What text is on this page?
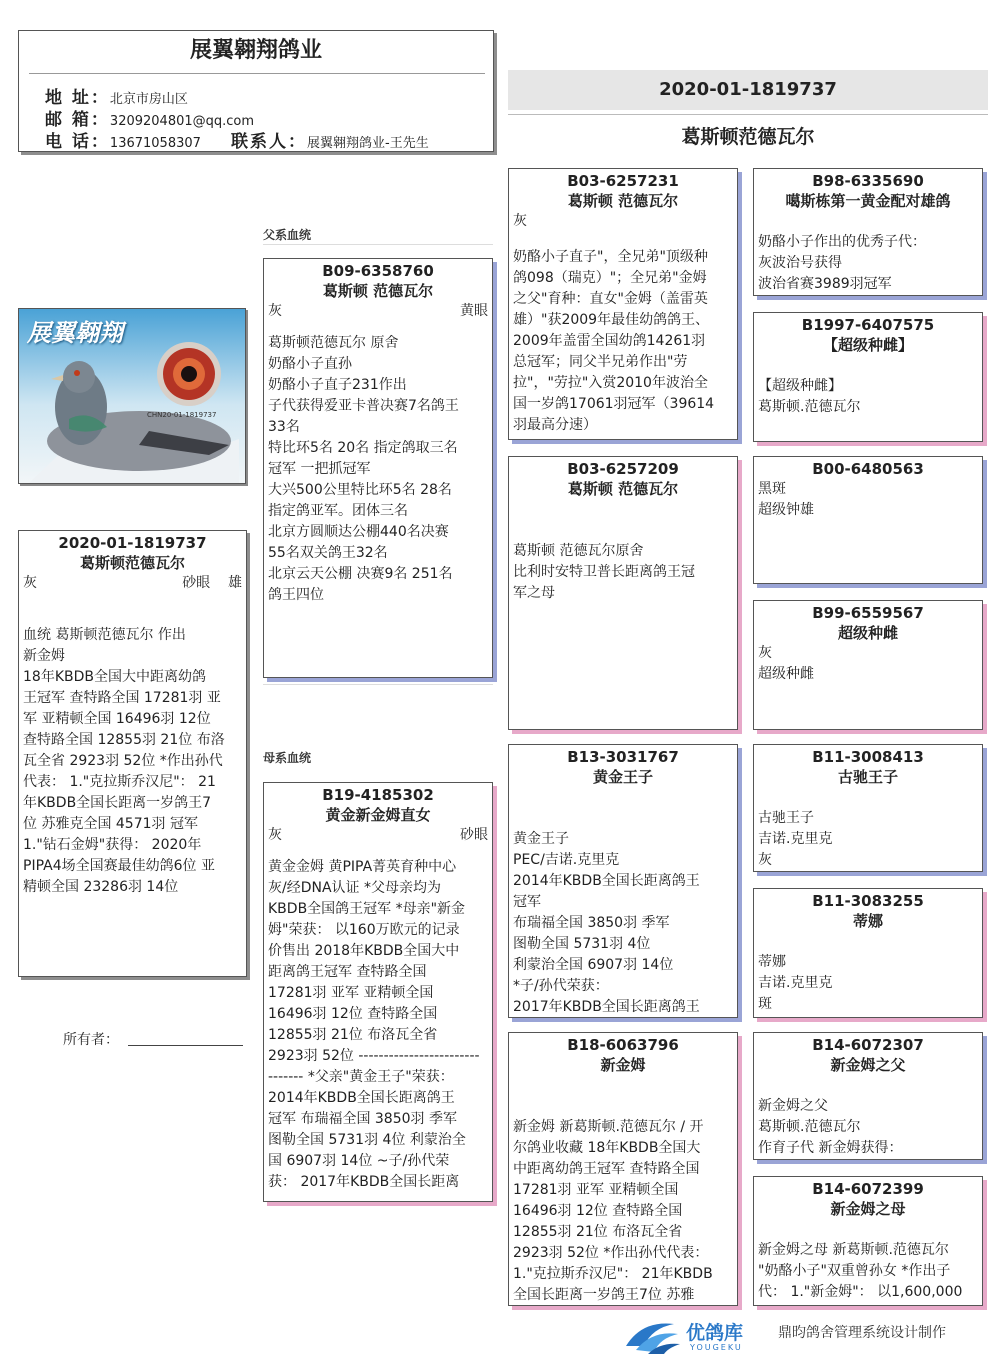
展翼翱翔鸽业
地 址：北京市房山区
邮 箱：3209204801@qq.com
电 话：13671058307 联系人：展翼翱翔鸽业-王先生
2020-01-1819737
葛斯顿范德瓦尔
展翼翱翔
CHN20-01-1819737
2020-01-1819737
葛斯顿范德瓦尔
灰	砂眼 雄
血统 葛斯顿范德瓦尔 作出
新金姆
18年KBDB全国大中距离幼鸽
王冠军 查特路全国 17281羽 亚
军 亚精顿全国 16496羽 12位
查特路全国 12855羽 21位 布洛
瓦全省 2923羽 52位 *作出孙代
代表： 1."克拉斯乔汉尼"： 21
年KBDB全国长距离一岁鸽王7
位 苏雅克全国 4571羽 冠军
1."钻石金姆"获得： 2020年
PIPA4场全国赛最佳幼鸽6位 亚
精顿全国 23286羽 14位
所有者：
父系血统
母系血统
B09-6358760
葛斯顿 范德瓦尔
灰	黄眼
葛斯顿范德瓦尔 原舍
奶酪小子直孙
奶酪小子直子231作出
子代获得爱亚卡普决赛7名鸽王
33名
特比环5名 20名 指定鸽取三名
冠军 一把抓冠军
大兴500公里特比环5名 28名
指定鸽亚军。团体三名
北京方圆顺达公棚440名决赛
55名双关鸽王32名
北京云天公棚 决赛9名 251名
鸽王四位
B19-4185302
黄金新金姆直女
灰	砂眼
黄金金姆 黄PIPA菁英育种中心
灰/经DNA认证 *父母亲均为
KBDB全国鸽王冠军 *母亲"新金
姆"荣获： 以160万欧元的记录
价售出 2018年KBDB全国大中
距离鸽王冠军 查特路全国
17281羽 亚军 亚精顿全国
16496羽 12位 查特路全国
12855羽 21位 布洛瓦全省
2923羽 52位 ------------------------
------- *父亲"黄金王子"荣获：
2014年KBDB全国长距离鸽王
冠军 布瑞福全国 3850羽 季军
图勒全国 5731羽 4位 利蒙治全
国 6907羽 14位 ~子/孙代荣
获： 2017年KBDB全国长距离
B03-6257231
葛斯顿 范德瓦尔
灰
奶酪小子直子"，全兄弟"顶级种
鸽098（瑞克）"；全兄弟"金姆
之父"育种：直女"金姆（盖雷英
雄）"获2009年最佳幼鸽鸽王、
2009年盖雷全国幼鸽14261羽
总冠军；同父半兄弟作出"劳
拉"，"劳拉"入赏2010年波治全
国一岁鸽17061羽冠军（39614
羽最高分速）
B03-6257209
葛斯顿 范德瓦尔
葛斯顿 范德瓦尔原舍
比利时安特卫普长距离鸽王冠
军之母
B13-3031767
黄金王子
黄金王子
PEC/吉诺.克里克
2014年KBDB全国长距离鸽王
冠军
布瑞福全国 3850羽 季军
图勒全国 5731羽 4位
利蒙治全国 6907羽 14位
*子/孙代荣获：
2017年KBDB全国长距离鸽王
B18-6063796
新金姆
新金姆 新葛斯顿.范德瓦尔 / 开
尔鸽业收藏 18年KBDB全国大
中距离幼鸽王冠军 查特路全国
17281羽 亚军 亚精顿全国
16496羽 12位 查特路全国
12855羽 21位 布洛瓦全省
2923羽 52位 *作出孙代代表：
1."克拉斯乔汉尼"： 21年KBDB
全国长距离一岁鸽王7位 苏雅
B98-6335690
噶斯栋第一黄金配对雄鸽

奶酪小子作出的优秀子代：
灰波治号获得
波治省赛3989羽冠军
B1997-6407575
【超级种雌】

【超级种雌】
葛斯顿.范德瓦尔
B00-6480563
黑斑
超级钟雄
B99-6559567
超级种雌
灰
超级种雌
B11-3008413
古驰王子

古驰王子
吉诺.克里克
灰
B11-3083255
蒂娜

蒂娜
吉诺.克里克
斑
B14-6072307
新金姆之父

新金姆之父
葛斯顿.范德瓦尔
作育子代 新金姆获得：
B14-6072399
新金姆之母

新金姆之母 新葛斯顿.范德瓦尔
"奶酪小子"双重曾孙女 *作出子
代： 1."新金姆"： 以1,600,000
优鸽库
YOUGEKU
鼎昀鸽舍管理系统设计制作
